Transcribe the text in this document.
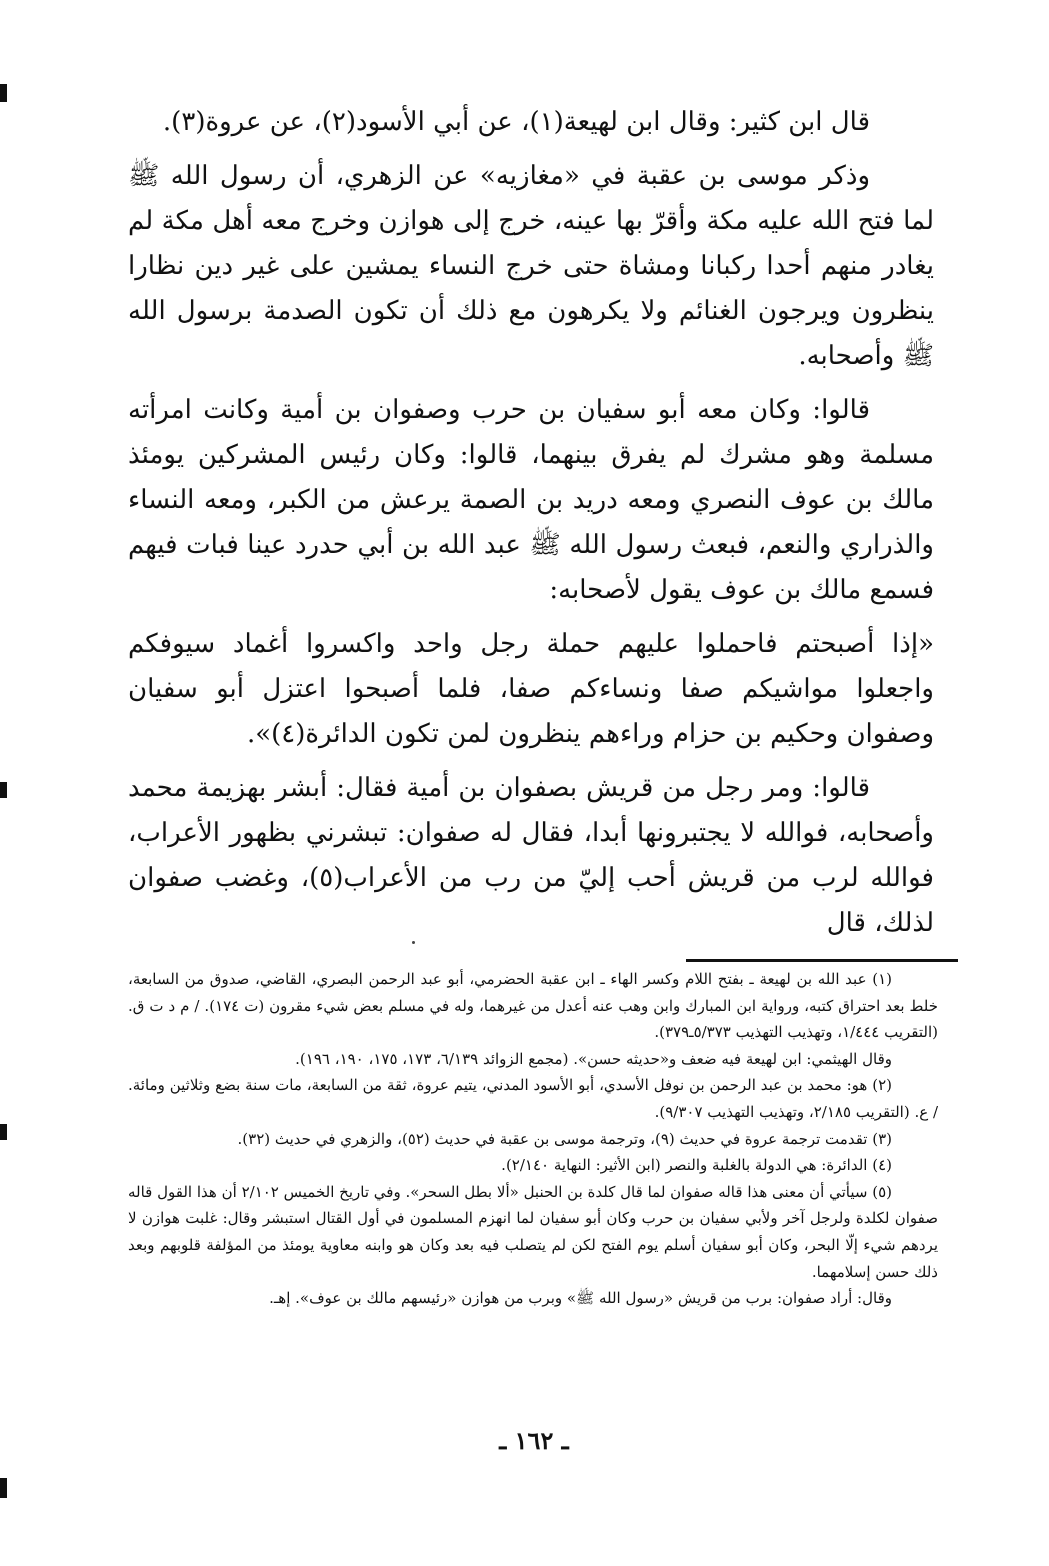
قال ابن كثير: وقال ابن لهيعة(١)، عن أبي الأسود(٢)، عن عروة(٣).

وذكر موسى بن عقبة في «مغازيه» عن الزهري، أن رسول الله ﷺ لما فتح الله عليه مكة وأقرّ بها عينه، خرج إلى هوازن وخرج معه أهل مكة لم يغادر منهم أحدا ركبانا ومشاة حتى خرج النساء يمشين على غير دين نظارا ينظرون ويرجون الغنائم ولا يكرهون مع ذلك أن تكون الصدمة برسول الله ﷺ وأصحابه.

قالوا: وكان معه أبو سفيان بن حرب وصفوان بن أمية وكانت امرأته مسلمة وهو مشرك لم يفرق بينهما، قالوا: وكان رئيس المشركين يومئذ مالك بن عوف النصري ومعه دريد بن الصمة يرعش من الكبر، ومعه النساء والذراري والنعم، فبعث رسول الله ﷺ عبد الله بن أبي حدرد عينا فبات فيهم فسمع مالك بن عوف يقول لأصحابه:

«إذا أصبحتم فاحملوا عليهم حملة رجل واحد واكسروا أغماد سيوفكم واجعلوا مواشيكم صفا ونساءكم صفا، فلما أصبحوا اعتزل أبو سفيان وصفوان وحكيم بن حزام وراءهم ينظرون لمن تكون الدائرة(٤)».

قالوا: ومر رجل من قريش بصفوان بن أمية فقال: أبشر بهزيمة محمد وأصحابه، فوالله لا يجتبرونها أبدا، فقال له صفوان: تبشرني بظهور الأعراب، فوالله لرب من قريش أحب إليّ من رب من الأعراب(٥)، وغضب صفوان لذلك، قال

(١) عبد الله بن لهيعة ـ بفتح اللام وكسر الهاء ـ ابن عقبة الحضرمي، أبو عبد الرحمن البصري، القاضي، صدوق من السابعة، خلط بعد احتراق كتبه، ورواية ابن المبارك وابن وهب عنه أعدل من غيرهما، وله في مسلم بعض شيء مقرون (ت ١٧٤). / م د ت ق. (التقريب ١/٤٤٤، وتهذيب التهذيب ٥/٣٧٣ـ٣٧٩).

وقال الهيثمي: ابن لهيعة فيه ضعف و«حديثه حسن». (مجمع الزوائد ٦/١٣٩، ١٧٣، ١٧٥، ١٩٠، ١٩٦).

(٢) هو: محمد بن عبد الرحمن بن نوفل الأسدي، أبو الأسود المدني، يتيم عروة، ثقة من السابعة، مات سنة بضع وثلاثين ومائة. / ع. (التقريب ٢/١٨٥، وتهذيب التهذيب ٩/٣٠٧).

(٣) تقدمت ترجمة عروة في حديث (٩)، وترجمة موسى بن عقبة في حديث (٥٢)، والزهري في حديث (٣٢).

(٤) الدائرة: هي الدولة بالغلبة والنصر (ابن الأثير: النهاية ٢/١٤٠).

(٥) سيأتي أن معنى هذا قاله صفوان لما قال كلدة بن الحنبل «ألا بطل السحر». وفي تاريخ الخميس ٢/١٠٢ أن هذا القول قاله صفوان لكلدة ولرجل آخر ولأبي سفيان بن حرب وكان أبو سفيان لما انهزم المسلمون في أول القتال استبشر وقال: غلبت هوازن لا يردهم شيء إلّا البحر، وكان أبو سفيان أسلم يوم الفتح لكن لم يتصلب فيه بعد وكان هو وابنه معاوية يومئذ من المؤلفة قلوبهم وبعد ذلك حسن إسلامهما.

وقال: أراد صفوان: برب من قريش «رسول الله ﷺ» وبرب من هوازن «رئيسهم مالك بن عوف». إهـ.

ـ ١٦٢ ـ
